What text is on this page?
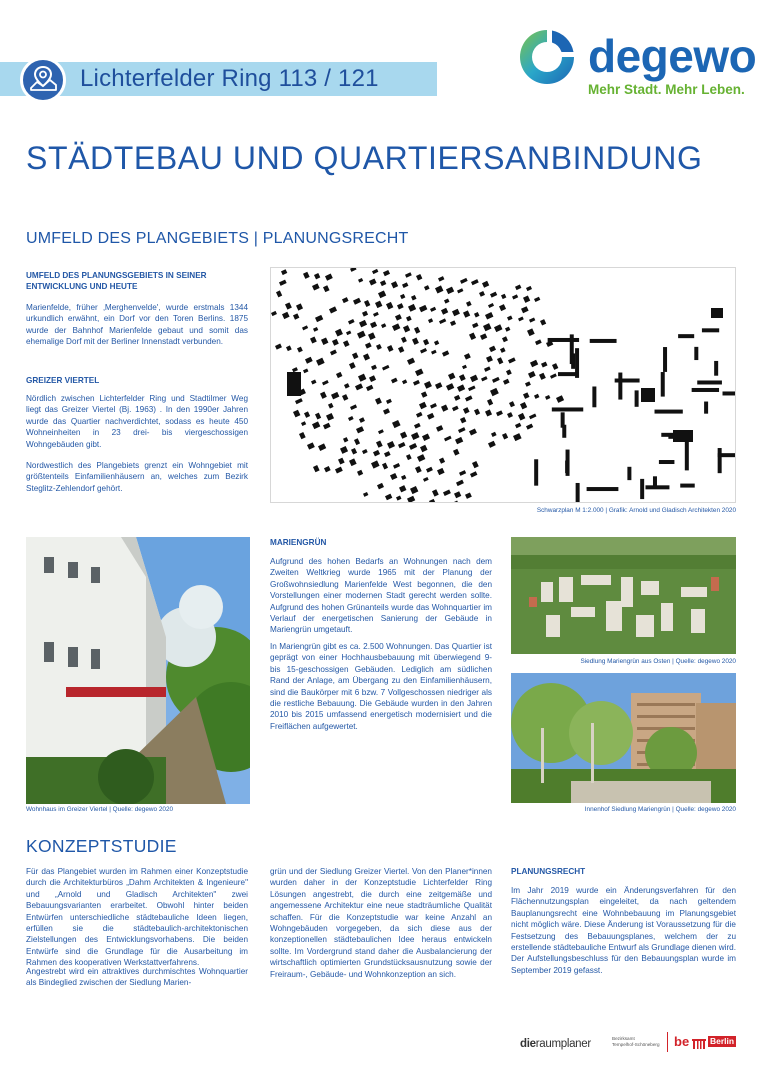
Lichterfelder Ring 113 / 121	degewo
Mehr Stadt. Mehr Leben.
STÄDTEBAU UND QUARTIERSANBINDUNG
UMFELD DES PLANGEBIETS | PLANUNGSRECHT
UMFELD DES PLANUNGSGEBIETS IN SEINER ENTWICKLUNG UND HEUTE
Marienfelde, früher ‚Merghenvelde', wurde erstmals 1344 urkundlich erwähnt, ein Dorf vor den Toren Berlins. 1875 wurde der Bahnhof Marienfelde gebaut und somit das ehemalige Dorf mit der Berliner Innenstadt verbunden.
GREIZER VIERTEL
Nördlich zwischen Lichterfelder Ring und Stadtilmer Weg liegt das Greizer Viertel (Bj. 1963) . In den 1990er Jahren wurde das Quartier nachverdichtet, sodass es heute 450 Wohneinheiten in 23 drei- bis viergeschossigen Wohngebäuden gibt.
Nordwestlich des Plangebiets grenzt ein Wohngebiet mit größtenteils Einfamilienhäusern an, welches zum Bezirk Steglitz-Zehlendorf gehört.
Schwarzplan M 1:2.000 | Grafik: Arnold und Gladisch Architekten 2020
Wohnhaus im Greizer Viertel | Quelle: degewo 2020
MARIENGRÜN
Aufgrund des hohen Bedarfs an Wohnungen nach dem Zweiten Weltkrieg wurde 1965 mit der Planung der Großwohnsiedlung Marienfelde West begonnen, die den Vorstellungen einer modernen Stadt gerecht werden sollte. Aufgrund des hohen Grünanteils wurde das Wohnquartier im Verlauf der energetischen Sanierung der Gebäude in Mariengrün umgetauft.
In Mariengrün gibt es ca. 2.500 Wohnungen. Das Quartier ist geprägt von einer Hochhausbebauung mit überwiegend 9- bis 15-geschossigen Gebäuden. Lediglich am südlichen Rand der Anlage, am Übergang zu den Einfamilienhäusern, sind die Baukörper mit 6 bzw. 7 Vollgeschossen niedriger als die restliche Bebauung. Die Gebäude wurden in den Jahren 2010 bis 2015 umfassend energetisch modernisiert und die Freiflächen aufgewertet.
Siedlung Mariengrün aus Osten | Quelle: degewo 2020
Innenhof Siedlung Mariengrün | Quelle: degewo 2020
KONZEPTSTUDIE
Für das Plangebiet wurden im Rahmen einer Konzeptstudie durch die Architekturbüros „Dahm Architekten & Ingenieure" und „Arnold und Gladisch Architekten" zwei Bebauungsvarianten erarbeitet. Obwohl hinter beiden Entwürfen unterschiedliche städtebauliche Ideen liegen, erfüllen sie die städtebaulich-architektonischen Zielstellungen des Entwicklungsvorhabens. Die beiden Entwürfe sind die Grundlage für die Ausarbeitung im Rahmen des kooperativen Werkstattverfahrens.
Angestrebt wird ein attraktives durchmischtes Wohnquartier als Bindeglied zwischen der Siedlung Marien-
grün und der Siedlung Greizer Viertel. Von den Planer*innen wurden daher in der Konzeptstudie Lichterfelder Ring Lösungen angestrebt, die durch eine zeitgemäße und angemessene Architektur eine neue stadträumliche Qualität schaffen. Für die Konzeptstudie war keine Anzahl an Wohngebäuden vorgegeben, da sich diese aus der konzeptionellen städtebaulichen Idee heraus entwickeln sollte. Im Vordergrund stand daher die Ausbalancierung der wirtschaftlich optimierten Grundstücksausnutzung sowie der Freiraum-, Gebäude- und Wohnkonzeption an sich.
PLANUNGSRECHT
Im Jahr 2019 wurde ein Änderungsverfahren für den Flächennutzungsplan eingeleitet, da nach geltendem Bauplanungsrecht eine Wohnbebauung im Planungsgebiet nicht möglich wäre. Diese Änderung ist Voraussetzung für die Festsetzung des Bebauungsplanes, welchem der zu erstellende städtebauliche Entwurf als Grundlage dienen wird. Der Aufstellungsbeschluss für den Bebauungsplan wurde im September 2019 gefasst.
dieraumplaner	Bezirksamt
Tempelhof-Schöneberg be Berlin
